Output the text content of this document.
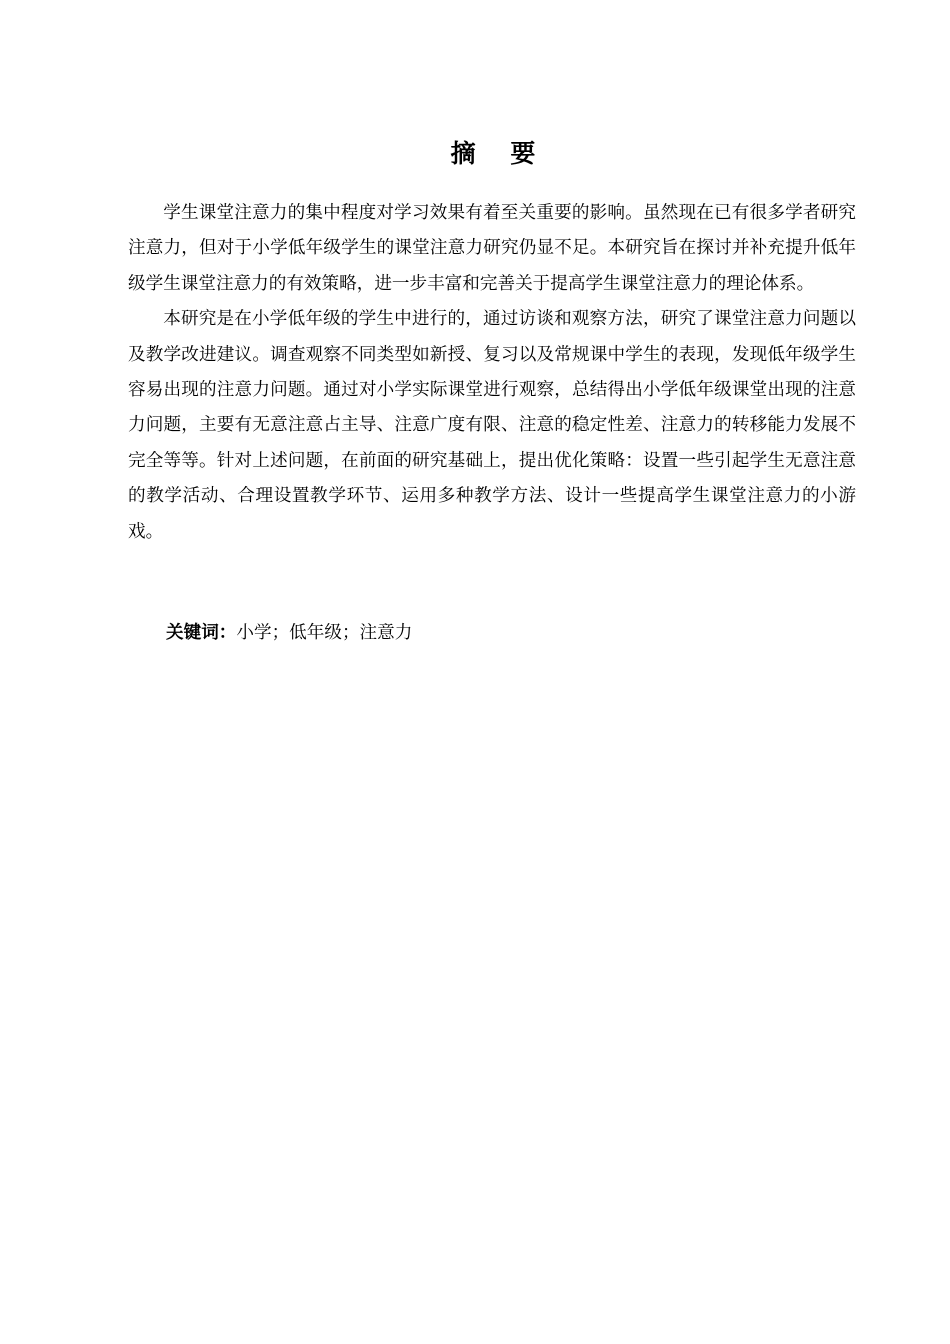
摘    要

学生课堂注意力的集中程度对学习效果有着至关重要的影响。虽然现在已有很多学者研究注意力，但对于小学低年级学生的课堂注意力研究仍显不足。本研究旨在探讨并补充提升低年级学生课堂注意力的有效策略，进一步丰富和完善关于提高学生课堂注意力的理论体系。

本研究是在小学低年级的学生中进行的，通过访谈和观察方法，研究了课堂注意力问题以及教学改进建议。调查观察不同类型如新授、复习以及常规课中学生的表现，发现低年级学生容易出现的注意力问题。通过对小学实际课堂进行观察，总结得出小学低年级课堂出现的注意力问题，主要有无意注意占主导、注意广度有限、注意的稳定性差、注意力的转移能力发展不完全等等。针对上述问题，在前面的研究基础上，提出优化策略：设置一些引起学生无意注意的教学活动、合理设置教学环节、运用多种教学方法、设计一些提高学生课堂注意力的小游戏。

关键词：小学；低年级；注意力
